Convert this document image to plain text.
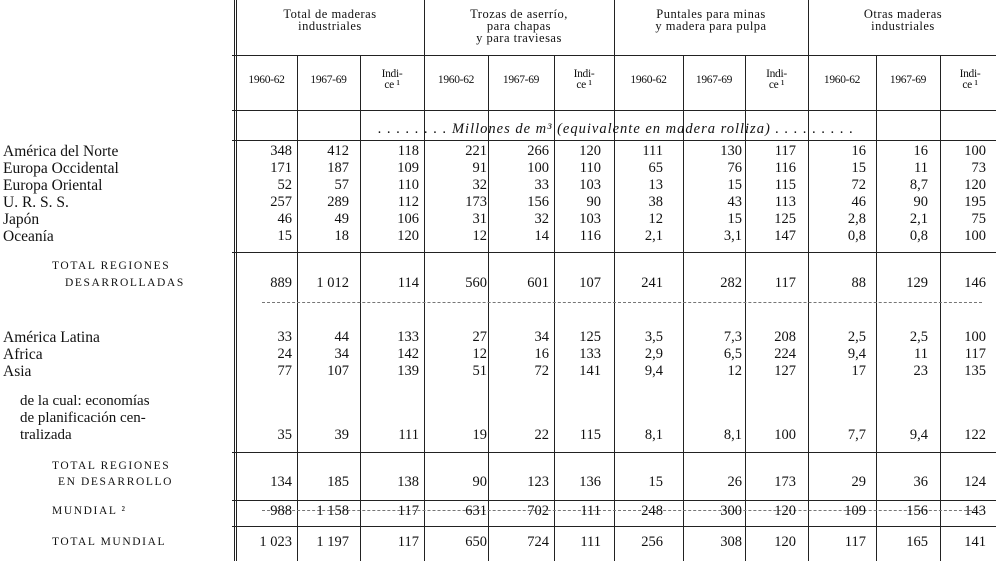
Total de maderas
industriales
Trozas de aserrío,
para chapas
y para traviesas
Puntales para minas
y madera para pulpa
Otras maderas
industriales
1960-62	1967-69	Indi-
ce ¹	1960-62	1967-69	Indi-
ce ¹	1960-62	1967-69	Indi-
ce ¹	1960-62	1967-69	Indi-
ce ¹
. . . . . . . . Millones de m³ (equivalente en madera rolliza) . . . . . . . . .
América del Norte	348	412	118	221	266	120	111	130	117	16	16	100
Europa Occidental	171	187	109	91	100	110	65	76	116	15	11	73
Europa Oriental	52	57	110	32	33	103	13	15	115	72	8,7	120
U. R. S. S.	257	289	112	173	156	90	38	43	113	46	90	195
Japón	46	49	106	31	32	103	12	15	125	2,8	2,1	75
Oceanía	15	18	120	12	14	116	2,1	3,1	147	0,8	0,8	100
TOTAL REGIONES
DESARROLLADAS	889	1 012	114	560	601	107	241	282	117	88	129	146
América Latina	33	44	133	27	34	125	3,5	7,3	208	2,5	2,5	100
Africa	24	34	142	12	16	133	2,9	6,5	224	9,4	11	117
Asia	77	107	139	51	72	141	9,4	12	127	17	23	135
de la cual: economías
de planificación cen-
tralizada	35	39	111	19	22	115	8,1	8,1	100	7,7	9,4	122
TOTAL REGIONES
EN DESARROLLO	134	185	138	90	123	136	15	26	173	29	36	124
MUNDIAL ²	988	1 158	117	631	702	111	248	300	120	109	156	143
TOTAL MUNDIAL	1 023	1 197	117	650	724	111	256	308	120	117	165	141
